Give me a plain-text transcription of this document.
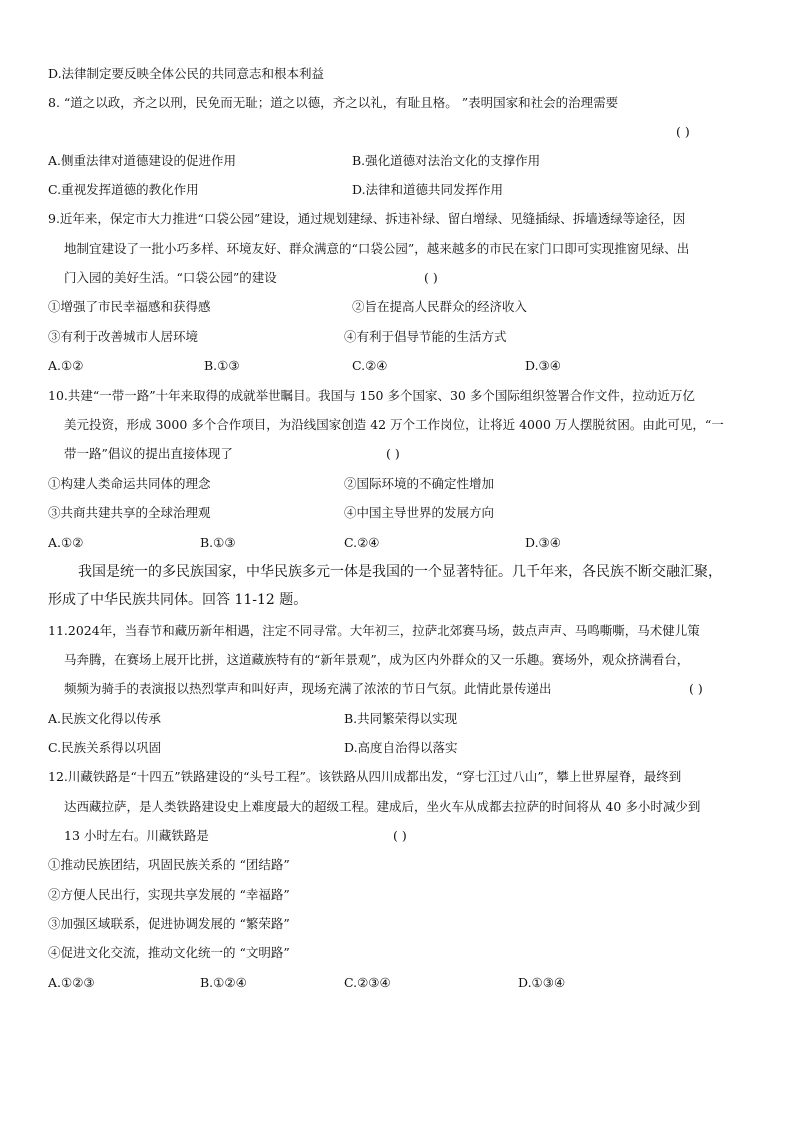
D.法律制定要反映全体公民的共同意志和根本利益
8. “道之以政，齐之以刑，民免而无耻；道之以德，齐之以礼，有耻且格。 ”表明国家和社会的治理需要
( )
A.侧重法律对道德建设的促进作用	B.强化道德对法治文化的支撑作用
C.重视发挥道德的教化作用	D.法律和道德共同发挥作用
9.近年来，保定市大力推进“口袋公园”建设，通过规划建绿、拆违补绿、留白增绿、见缝插绿、拆墙透绿等途径，因
地制宜建设了一批小巧多样、环境友好、群众满意的“口袋公园”，越来越多的市民在家门口即可实现推窗见绿、出
门入园的美好生活。“口袋公园”的建设	( )
①增强了市民幸福感和获得感	②旨在提高人民群众的经济收入
③有利于改善城市人居环境	④有利于倡导节能的生活方式
A.①②	B.①③	C.②④	D.③④
10.共建“一带一路”十年来取得的成就举世瞩目。我国与 150 多个国家、30 多个国际组织签署合作文件，拉动近万亿
美元投资，形成 3000 多个合作项目，为沿线国家创造 42 万个工作岗位，让将近 4000 万人摆脱贫困。由此可见，“一
带一路”倡议的提出直接体现了	( )
①构建人类命运共同体的理念	②国际环境的不确定性增加
③共商共建共享的全球治理观	④中国主导世界的发展方向
A.①②	B.①③	C.②④	D.③④
我国是统一的多民族国家，中华民族多元一体是我国的一个显著特征。几千年来，各民族不断交融汇聚，
形成了中华民族共同体。回答 11-12 题。
11.2024年，当春节和藏历新年相遇，注定不同寻常。大年初三，拉萨北郊赛马场，鼓点声声、马鸣嘶嘶，马术健儿策
马奔腾，在赛场上展开比拼，这道藏族特有的“新年景观”，成为区内外群众的又一乐趣。赛场外，观众挤满看台，
频频为骑手的表演报以热烈掌声和叫好声，现场充满了浓浓的节日气氛。此情此景传递出	( )
A.民族文化得以传承	B.共同繁荣得以实现
C.民族关系得以巩固	D.高度自治得以落实
12.川藏铁路是“十四五”铁路建设的“头号工程”。该铁路从四川成都出发，“穿七江过八山”，攀上世界屋脊，最终到
达西藏拉萨，是人类铁路建设史上难度最大的超级工程。建成后，坐火车从成都去拉萨的时间将从 40 多小时减少到
13 小时左右。川藏铁路是	( )
①推动民族团结，巩固民族关系的 “团结路”
②方便人民出行，实现共享发展的 “幸福路”
③加强区域联系，促进协调发展的 “繁荣路”
④促进文化交流，推动文化统一的 “文明路”
A.①②③	B.①②④	C.②③④	D.①③④
